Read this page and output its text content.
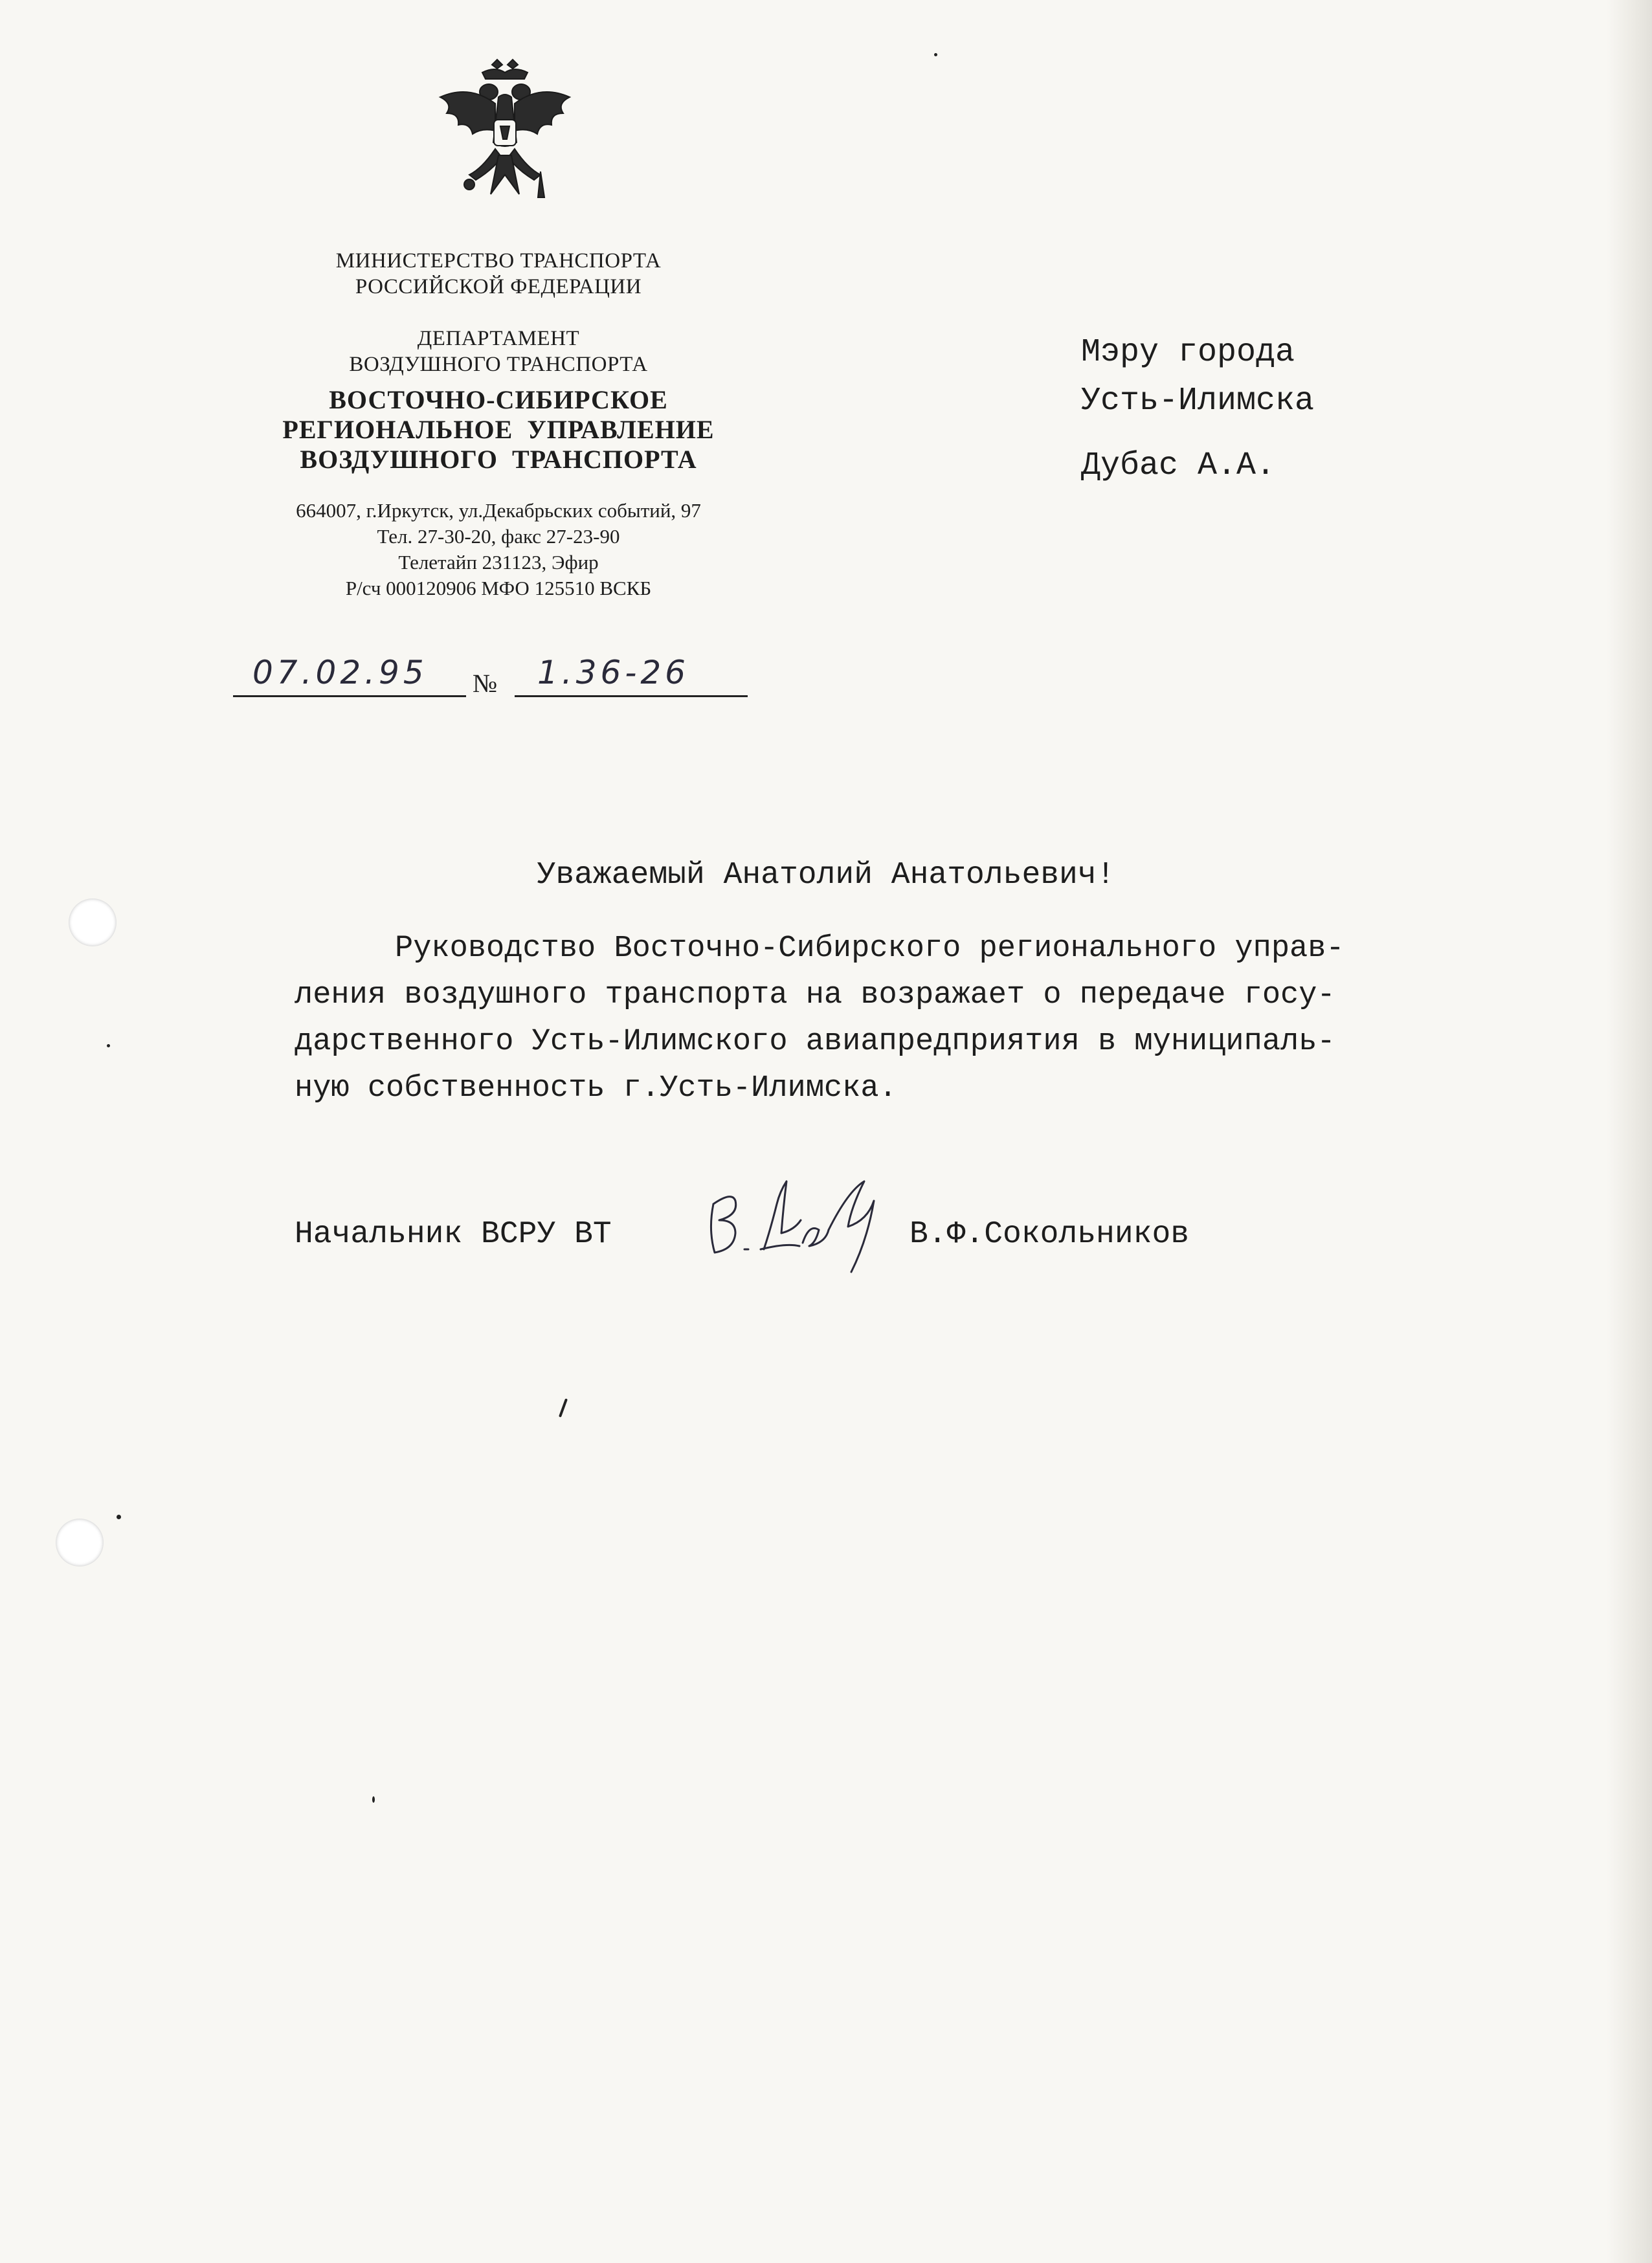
МИНИСТЕРСТВО ТРАНСПОРТА
РОССИЙСКОЙ ФЕДЕРАЦИИ
ДЕПАРТАМЕНТ
ВОЗДУШНОГО ТРАНСПОРТА
ВОСТОЧНО-СИБИРСКОЕ
РЕГИОНАЛЬНОЕ  УПРАВЛЕНИЕ
ВОЗДУШНОГО  ТРАНСПОРТА
664007, г.Иркутск, ул.Декабрьских событий, 97
Тел. 27-30-20, факс 27-23-90
Телетайп 231123, Эфир
Р/сч 000120906 МФО 125510 ВСКБ
07.02.95 № 1.36-26
Мэру города
Усть-Илимска
Дубас А.А.
Уважаемый Анатолий Анатольевич!
Руководство Восточно-Сибирского регионального управ-
ления воздушного транспорта на возражает о передаче госу-
дарственного Усть-Илимского авиапредприятия в муниципаль-
ную собственность г.Усть-Илимска.
Начальник ВСРУ ВТ	В.Ф.Сокольников
